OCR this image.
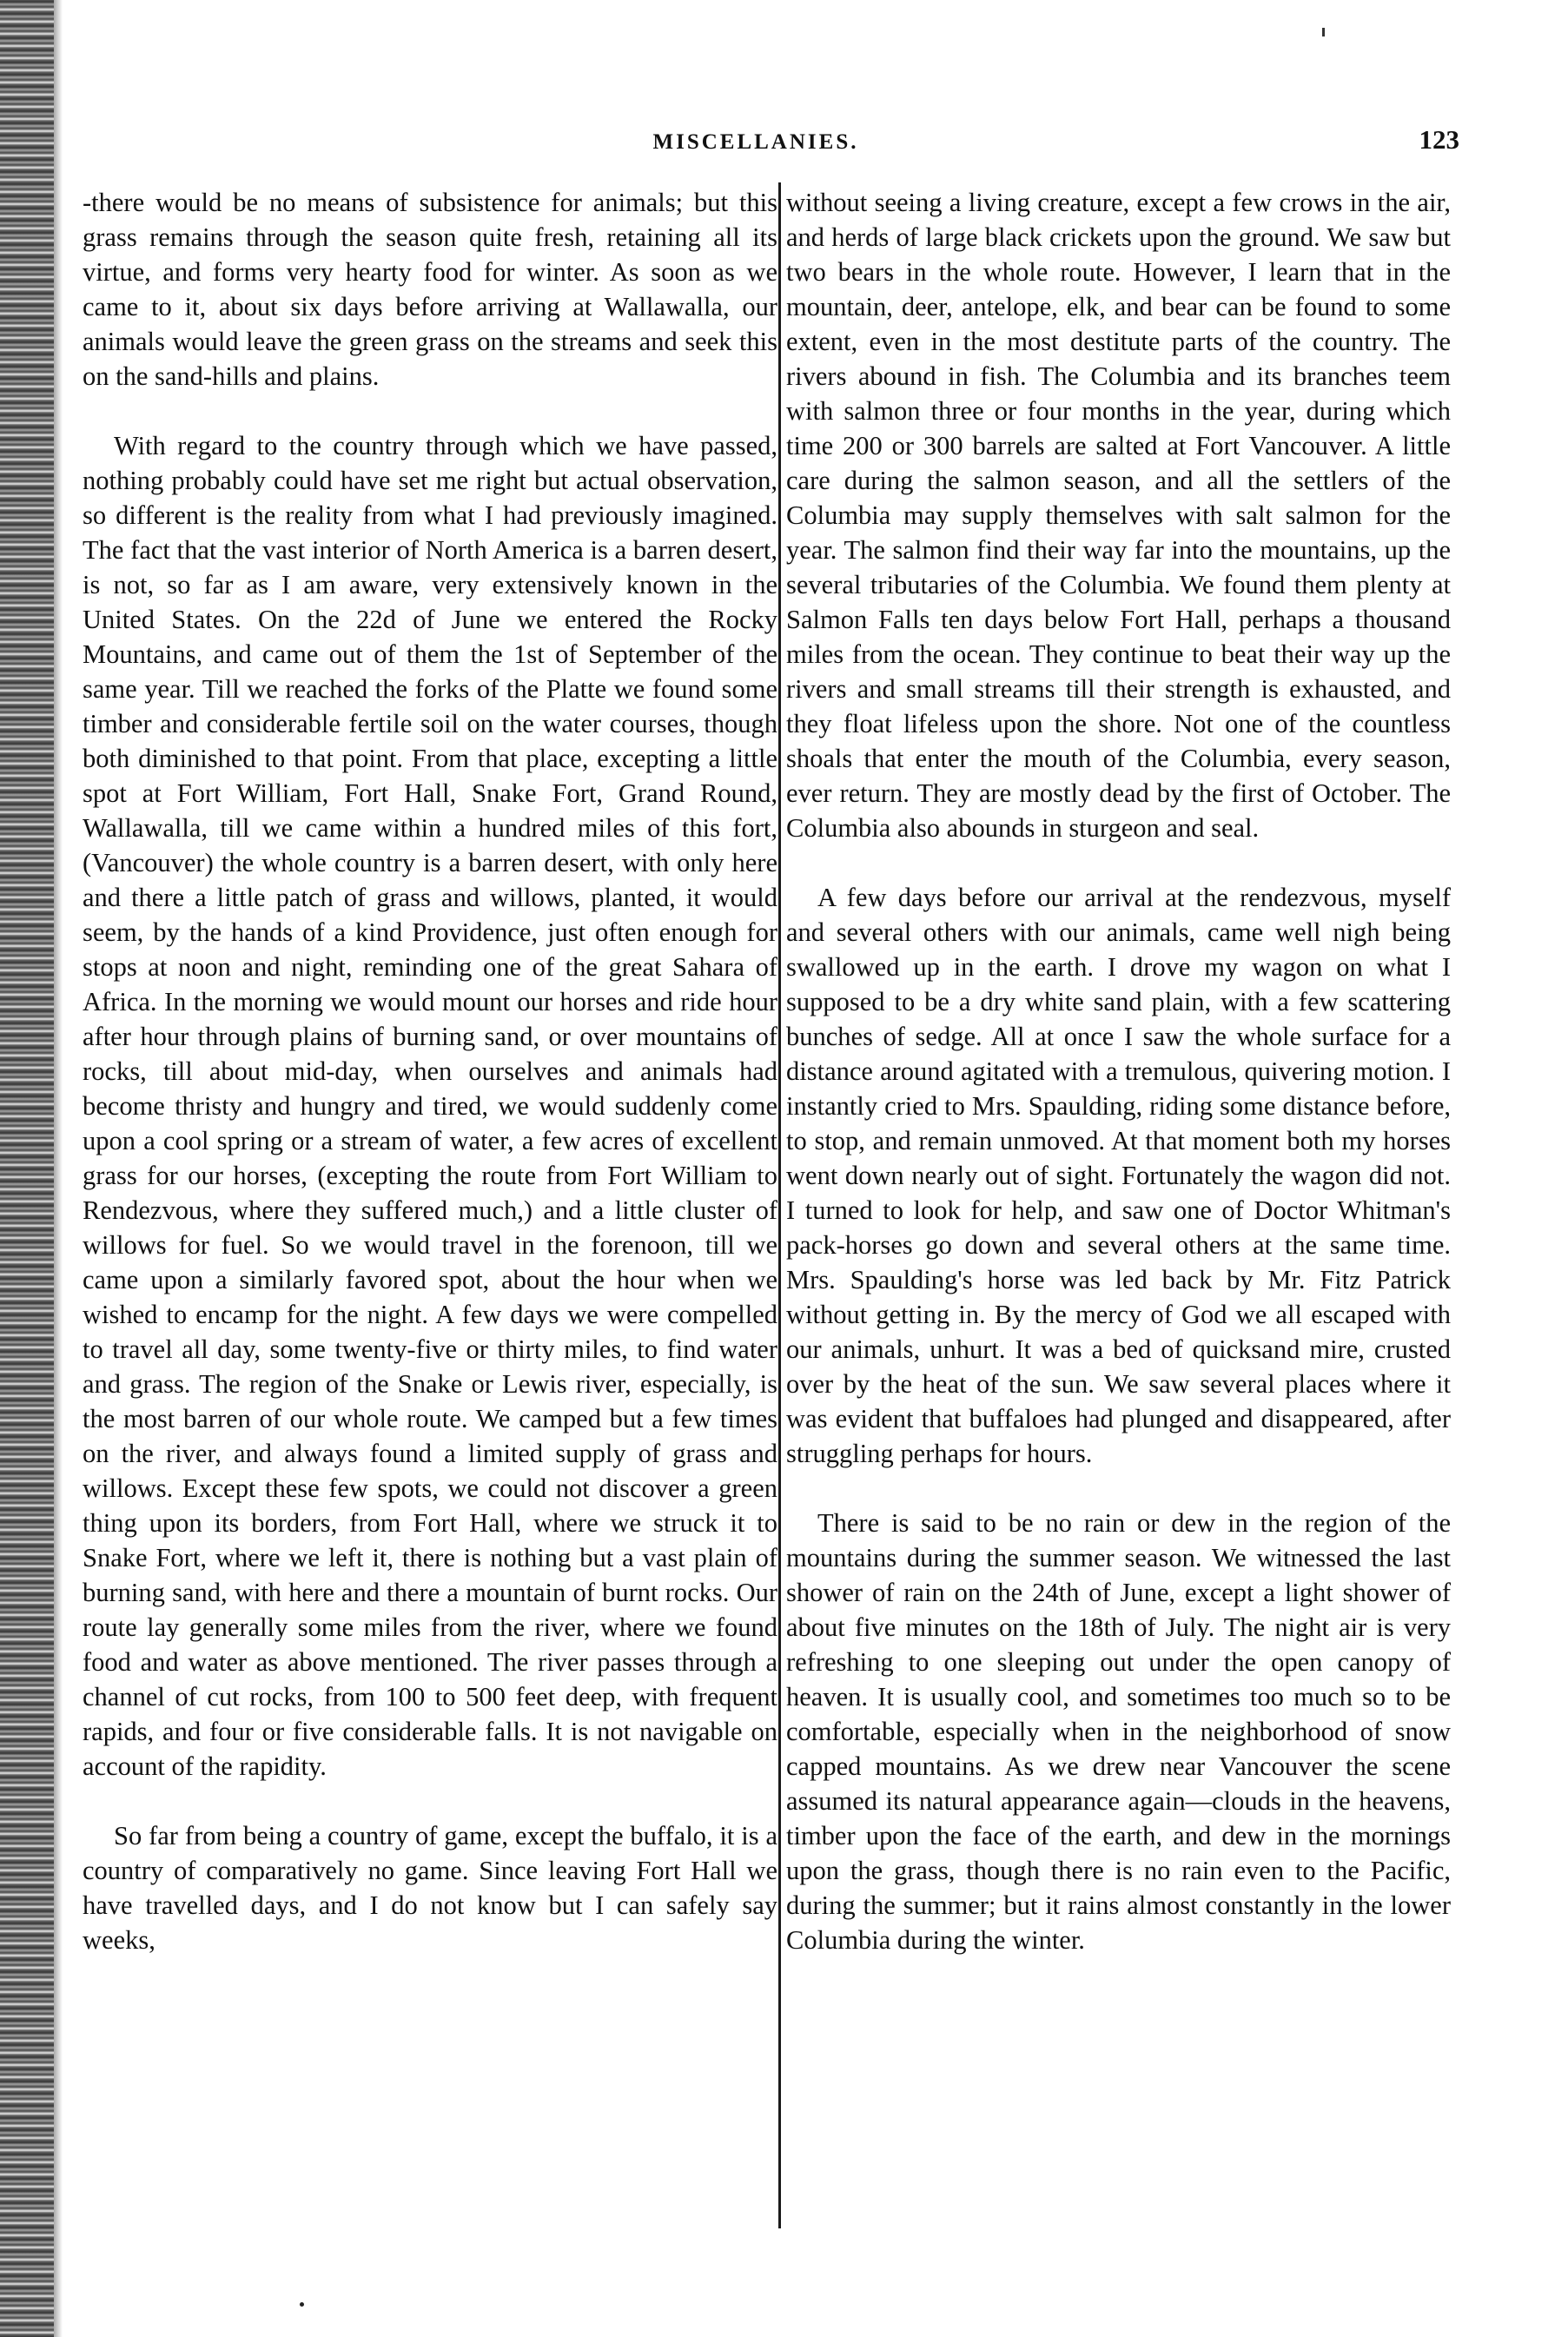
MISCELLANIES.	123

-there would be no means of subsistence for animals; but this grass remains through the season quite fresh, retaining all its virtue, and forms very hearty food for winter. As soon as we came to it, about six days before arriving at Wallawalla, our animals would leave the green grass on the streams and seek this on the sand-hills and plains.

With regard to the country through which we have passed, nothing probably could have set me right but actual observation, so different is the reality from what I had previously imagined. The fact that the vast interior of North America is a barren desert, is not, so far as I am aware, very extensively known in the United States. On the 22d of June we entered the Rocky Mountains, and came out of them the 1st of September of the same year. Till we reached the forks of the Platte we found some timber and considerable fertile soil on the water courses, though both diminished to that point. From that place, excepting a little spot at Fort William, Fort Hall, Snake Fort, Grand Round, Wallawalla, till we came within a hundred miles of this fort, (Vancouver) the whole country is a barren desert, with only here and there a little patch of grass and willows, planted, it would seem, by the hands of a kind Providence, just often enough for stops at noon and night, reminding one of the great Sahara of Africa. In the morning we would mount our horses and ride hour after hour through plains of burning sand, or over mountains of rocks, till about mid-day, when ourselves and animals had become thristy and hungry and tired, we would suddenly come upon a cool spring or a stream of water, a few acres of excellent grass for our horses, (excepting the route from Fort William to Rendezvous, where they suffered much,) and a little cluster of willows for fuel. So we would travel in the forenoon, till we came upon a similarly favored spot, about the hour when we wished to encamp for the night. A few days we were compelled to travel all day, some twenty-five or thirty miles, to find water and grass. The region of the Snake or Lewis river, especially, is the most barren of our whole route. We camped but a few times on the river, and always found a limited supply of grass and willows. Except these few spots, we could not discover a green thing upon its borders, from Fort Hall, where we struck it to Snake Fort, where we left it, there is nothing but a vast plain of burning sand, with here and there a mountain of burnt rocks. Our route lay generally some miles from the river, where we found food and water as above mentioned. The river passes through a channel of cut rocks, from 100 to 500 feet deep, with frequent rapids, and four or five considerable falls. It is not navigable on account of the rapidity.

So far from being a country of game, except the buffalo, it is a country of comparatively no game. Since leaving Fort Hall we have travelled days, and I do not know but I can safely say weeks,

without seeing a living creature, except a few crows in the air, and herds of large black crickets upon the ground. We saw but two bears in the whole route. However, I learn that in the mountain, deer, antelope, elk, and bear can be found to some extent, even in the most destitute parts of the country. The rivers abound in fish. The Columbia and its branches teem with salmon three or four months in the year, during which time 200 or 300 barrels are salted at Fort Vancouver. A little care during the salmon season, and all the settlers of the Columbia may supply themselves with salt salmon for the year. The salmon find their way far into the mountains, up the several tributaries of the Columbia. We found them plenty at Salmon Falls ten days below Fort Hall, perhaps a thousand miles from the ocean. They continue to beat their way up the rivers and small streams till their strength is exhausted, and they float lifeless upon the shore. Not one of the countless shoals that enter the mouth of the Columbia, every season, ever return. They are mostly dead by the first of October. The Columbia also abounds in sturgeon and seal.

A few days before our arrival at the rendezvous, myself and several others with our animals, came well nigh being swallowed up in the earth. I drove my wagon on what I supposed to be a dry white sand plain, with a few scattering bunches of sedge. All at once I saw the whole surface for a distance around agitated with a tremulous, quivering motion. I instantly cried to Mrs. Spaulding, riding some distance before, to stop, and remain unmoved. At that moment both my horses went down nearly out of sight. Fortunately the wagon did not. I turned to look for help, and saw one of Doctor Whitman's pack-horses go down and several others at the same time. Mrs. Spaulding's horse was led back by Mr. Fitz Patrick without getting in. By the mercy of God we all escaped with our animals, unhurt. It was a bed of quicksand mire, crusted over by the heat of the sun. We saw several places where it was evident that buffaloes had plunged and disappeared, after struggling perhaps for hours.

There is said to be no rain or dew in the region of the mountains during the summer season. We witnessed the last shower of rain on the 24th of June, except a light shower of about five minutes on the 18th of July. The night air is very refreshing to one sleeping out under the open canopy of heaven. It is usually cool, and sometimes too much so to be comfortable, especially when in the neighborhood of snow capped mountains. As we drew near Vancouver the scene assumed its natural appearance again—clouds in the heavens, timber upon the face of the earth, and dew in the mornings upon the grass, though there is no rain even to the Pacific, during the summer; but it rains almost constantly in the lower Columbia during the winter.
